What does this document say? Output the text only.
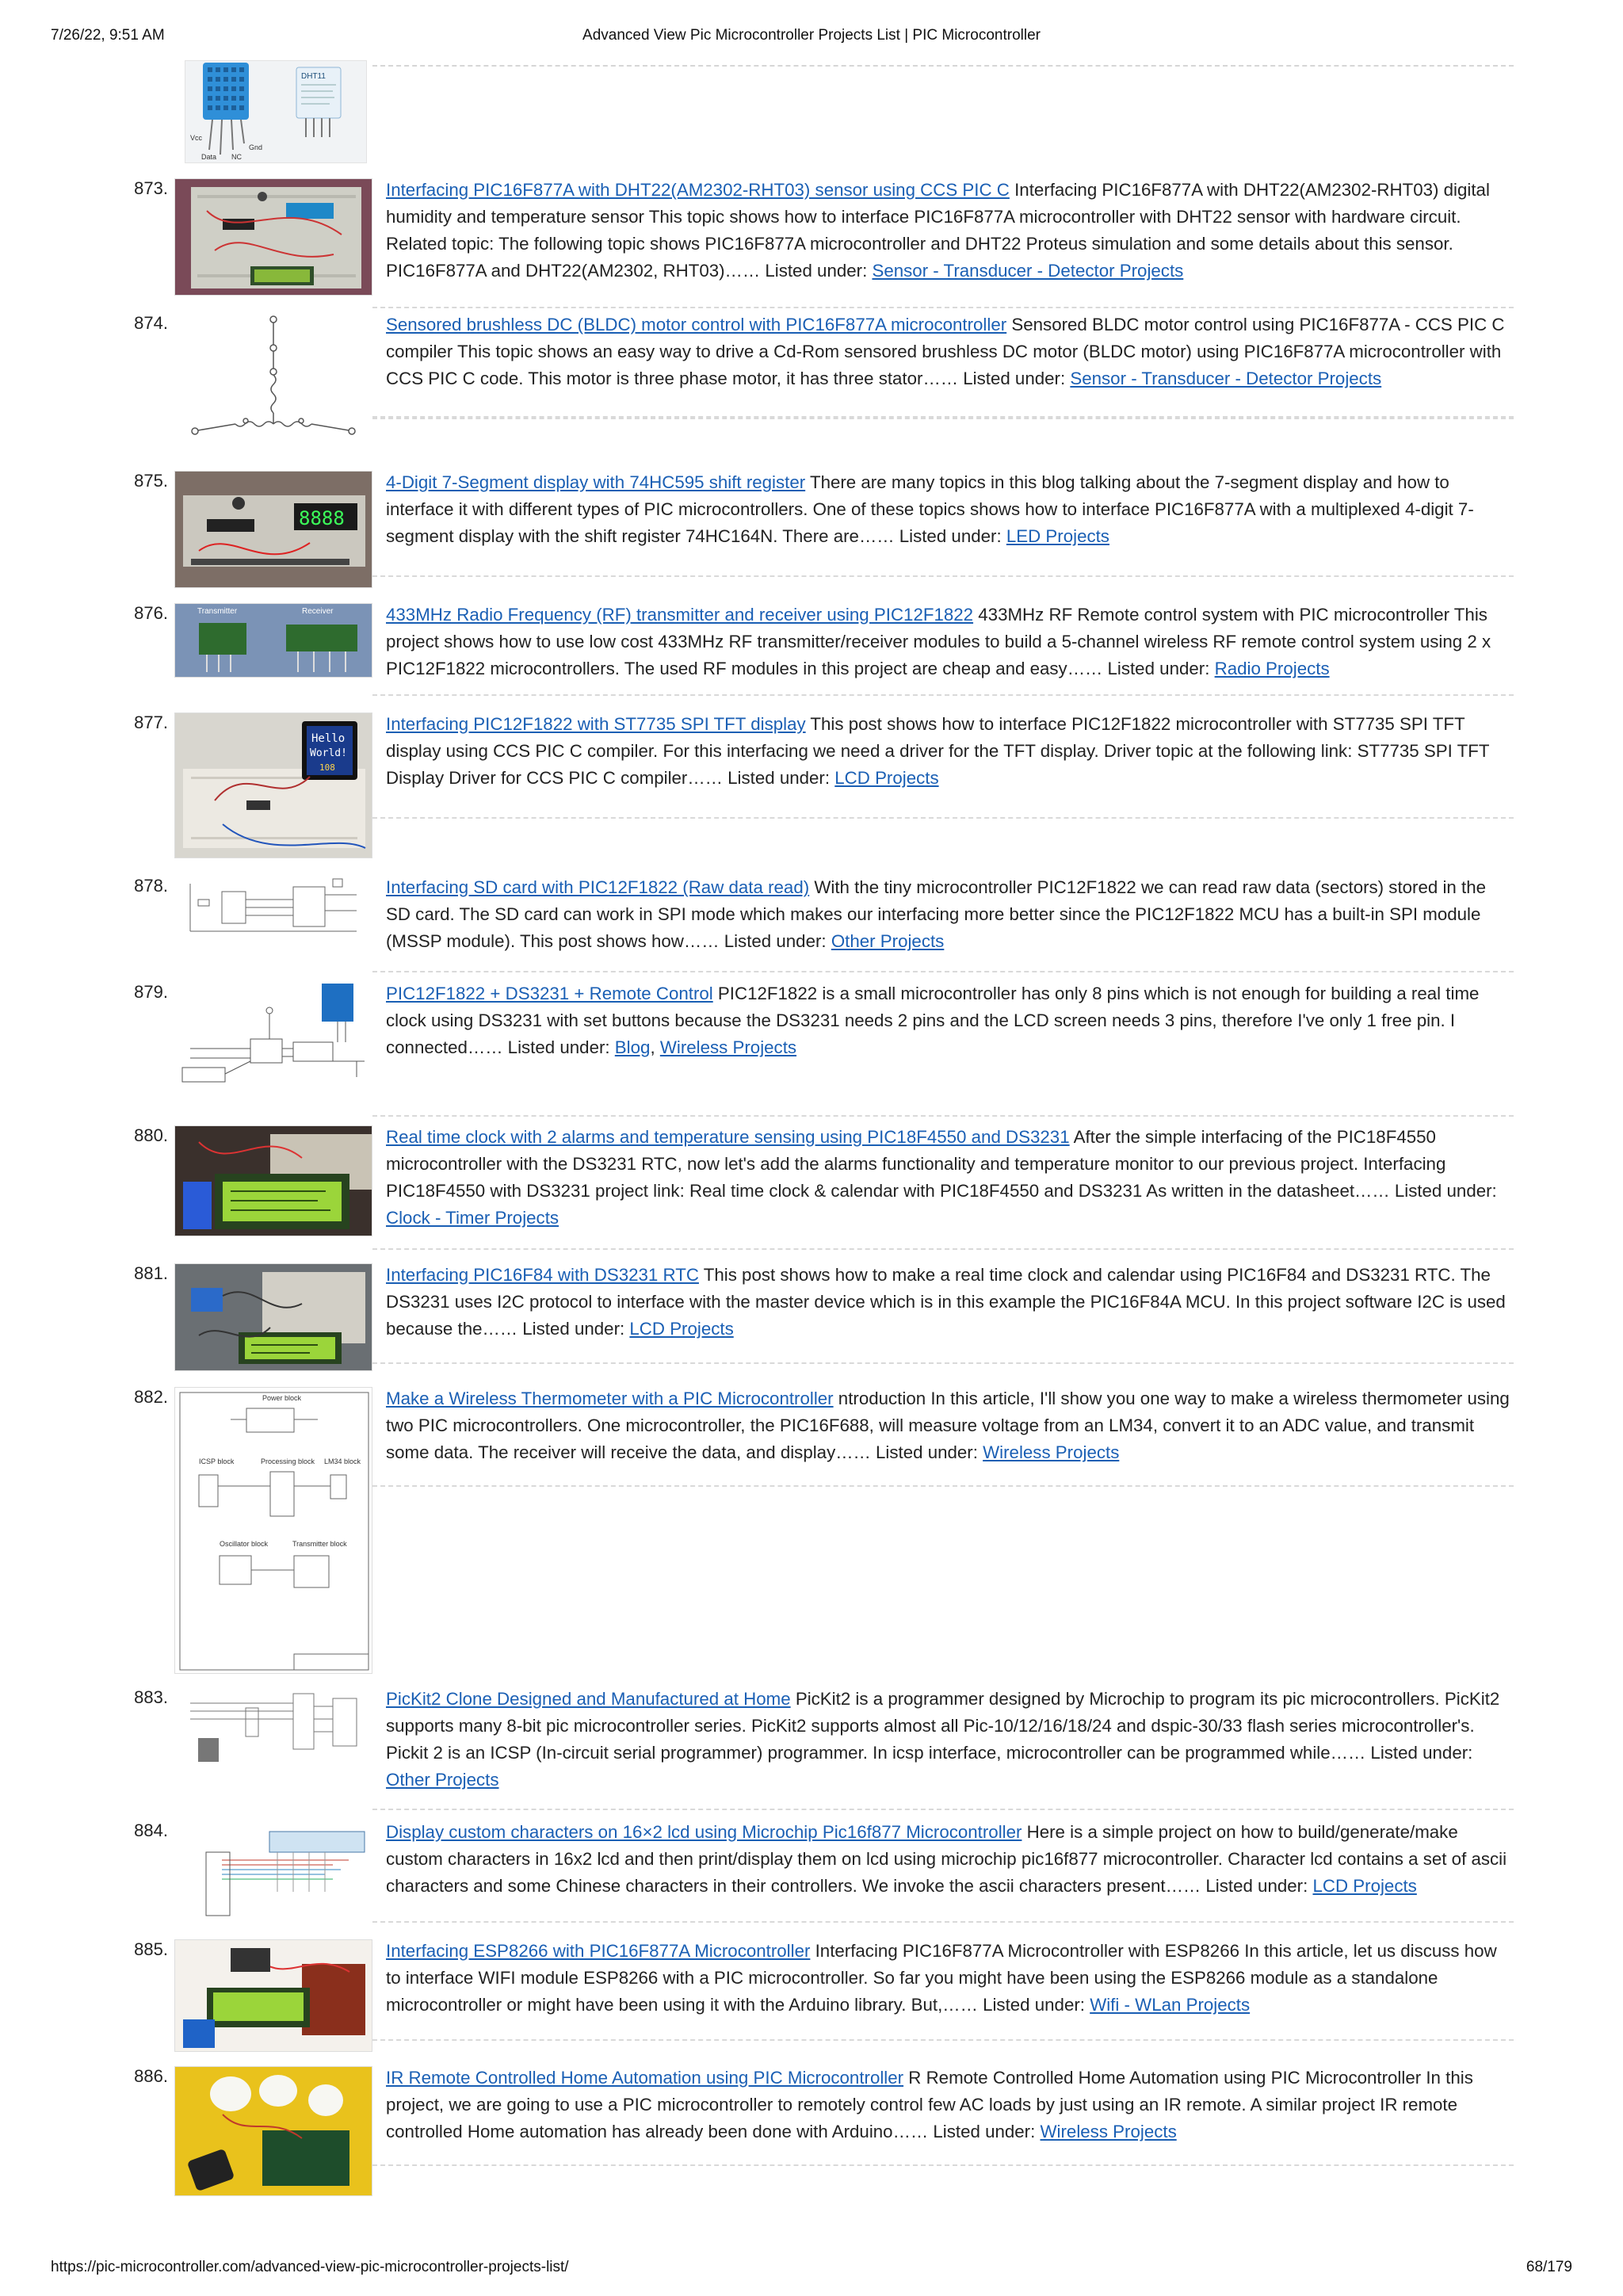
7/26/22, 9:51 AM	Advanced View Pic Microcontroller Projects List | PIC Microcontroller
Vcc
Data NC
Gnd
DHT11
873.	Interfacing PIC16F877A with DHT22(AM2302-RHT03) sensor using CCS PIC C Interfacing PIC16F877A with DHT22(AM2302-RHT03) digital humidity and temperature sensor This topic shows how to interface PIC16F877A microcontroller with DHT22 sensor with hardware circuit. Related topic: The following topic shows PIC16F877A microcontroller and DHT22 Proteus simulation and some details about this sensor. PIC16F877A and DHT22(AM2302, RHT03)…… Listed under: Sensor - Transducer - Detector Projects
874.	Sensored brushless DC (BLDC) motor control with PIC16F877A microcontroller Sensored BLDC motor control using PIC16F877A - CCS PIC C compiler This topic shows an easy way to drive a Cd-Rom sensored brushless DC motor (BLDC motor) using PIC16F877A microcontroller with CCS PIC C code. This motor is three phase motor, it has three stator…… Listed under: Sensor - Transducer - Detector Projects
875.
8888
4-Digit 7-Segment display with 74HC595 shift register There are many topics in this blog talking about the 7-segment display and how to interface it with different types of PIC microcontrollers. One of these topics shows how to interface PIC16F877A with a multiplexed 4-digit 7-segment display with the shift register 74HC164N. There are…… Listed under: LED Projects
876.	Transmitter	Receiver	433MHz Radio Frequency (RF) transmitter and receiver using PIC12F1822 433MHz RF Remote control system with PIC microcontroller This project shows how to use low cost 433MHz RF transmitter/receiver modules to build a 5-channel wireless RF remote control system using 2 x PIC12F1822 microcontrollers. The used RF modules in this project are cheap and easy…… Listed under: Radio Projects
877.
Hello
World!
108
Interfacing PIC12F1822 with ST7735 SPI TFT display This post shows how to interface PIC12F1822 microcontroller with ST7735 SPI TFT display using CCS PIC C compiler. For this interfacing we need a driver for the TFT display. Driver topic at the following link: ST7735 SPI TFT Display Driver for CCS PIC C compiler…… Listed under: LCD Projects
878.	Interfacing SD card with PIC12F1822 (Raw data read) With the tiny microcontroller PIC12F1822 we can read raw data (sectors) stored in the SD card. The SD card can work in SPI mode which makes our interfacing more better since the PIC12F1822 MCU has a built-in SPI module (MSSP module). This post shows how…… Listed under: Other Projects
879.	PIC12F1822 + DS3231 + Remote Control PIC12F1822 is a small microcontroller has only 8 pins which is not enough for building a real time clock using DS3231 with set buttons because the DS3231 needs 2 pins and the LCD screen needs 3 pins, therefore I've only 1 free pin. I connected…… Listed under: Blog, Wireless Projects
880.	Real time clock with 2 alarms and temperature sensing using PIC18F4550 and DS3231 After the simple interfacing of the PIC18F4550 microcontroller with the DS3231 RTC, now let's add the alarms functionality and temperature monitor to our previous project. Interfacing PIC18F4550 with DS3231 project link: Real time clock & calendar with PIC18F4550 and DS3231 As written in the datasheet…… Listed under: Clock - Timer Projects
881.	Interfacing PIC16F84 with DS3231 RTC This post shows how to make a real time clock and calendar using PIC16F84 and DS3231 RTC. The DS3231 uses I2C protocol to interface with the master device which is in this example the PIC16F84A MCU. In this project software I2C is used because the…… Listed under: LCD Projects
882.	Power block
ICSP block	Processing block LM34 block
Oscillator block	Transmitter block
Make a Wireless Thermometer with a PIC Microcontroller ntroduction In this article, I'll show you one way to make a wireless thermometer using two PIC microcontrollers. One microcontroller, the PIC16F688, will measure voltage from an LM34, convert it to an ADC value, and transmit some data. The receiver will receive the data, and display…… Listed under: Wireless Projects
883.	PicKit2 Clone Designed and Manufactured at Home PicKit2 is a programmer designed by Microchip to program its pic microcontrollers. PicKit2 supports many 8-bit pic microcontroller series. PicKit2 supports almost all Pic-10/12/16/18/24 and dspic-30/33 flash series microcontroller's. Pickit 2 is an ICSP (In-circuit serial programmer) programmer. In icsp interface, microcontroller can be programmed while…… Listed under: Other Projects
884.	Display custom characters on 16×2 lcd using Microchip Pic16f877 Microcontroller Here is a simple project on how to build/generate/make custom characters in 16x2 lcd and then print/display them on lcd using microchip pic16f877 microcontroller. Character lcd contains a set of ascii characters and some Chinese characters in their controllers. We invoke the ascii characters present…… Listed under: LCD Projects
885.	Interfacing ESP8266 with PIC16F877A Microcontroller Interfacing PIC16F877A Microcontroller with ESP8266 In this article, let us discuss how to interface WIFI module ESP8266 with a PIC microcontroller. So far you might have been using the ESP8266 module as a standalone microcontroller or might have been using it with the Arduino library. But,…… Listed under: Wifi - WLan Projects
886.	IR Remote Controlled Home Automation using PIC Microcontroller R Remote Controlled Home Automation using PIC Microcontroller In this project, we are going to use a PIC microcontroller to remotely control few AC loads by just using an IR remote. A similar project IR remote controlled Home automation has already been done with Arduino…… Listed under: Wireless Projects
https://pic-microcontroller.com/advanced-view-pic-microcontroller-projects-list/	68/179
